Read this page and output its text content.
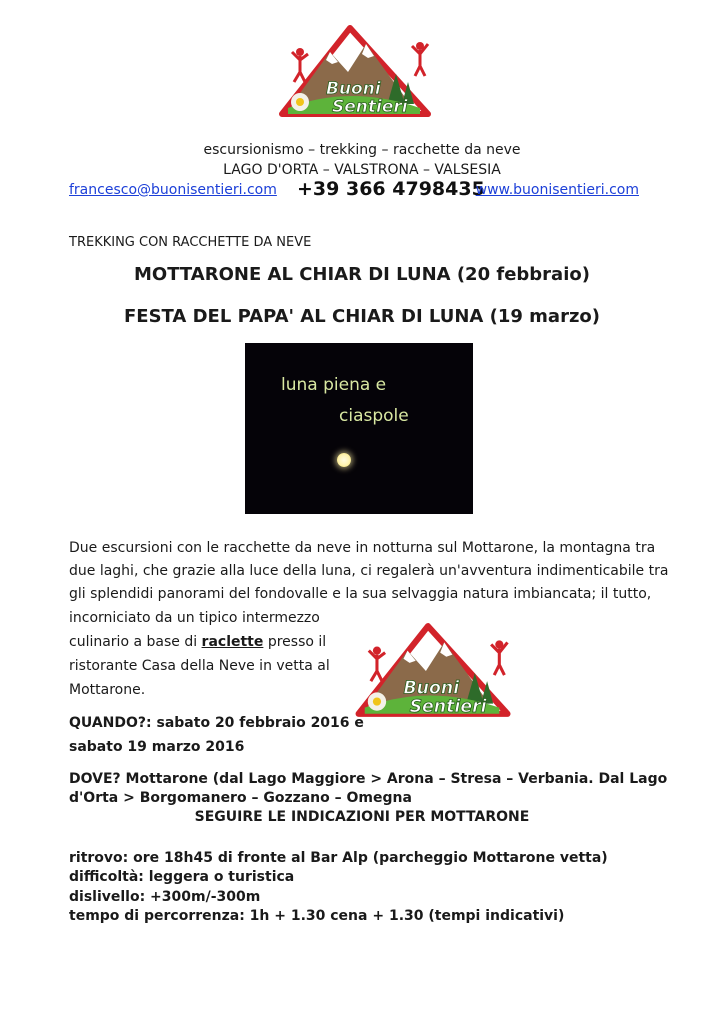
Buoni
Sentieri
escursionismo – trekking – racchette da neve
LAGO D'ORTA – VALSTRONA – VALSESIA
francesco@buonisentieri.com +39 366 4798435
www.buonisentieri.com
TREKKING CON RACCHETTE DA NEVE
MOTTARONE AL CHIAR DI LUNA (20 febbraio)
FESTA DEL PAPA' AL CHIAR DI LUNA (19 marzo)
luna piena e
ciaspole
Due escursioni con le racchette da neve in notturna sul Mottarone, la montagna tra
due laghi, che grazie alla luce della luna, ci regalerà un'avventura indimenticabile tra
gli splendidi panorami del fondovalle e la sua selvaggia natura imbiancata; il tutto,
incorniciato da un tipico intermezzo
culinario a base di raclette presso il
ristorante Casa della Neve in vetta al
Mottarone.	Buoni
Sentieri
QUANDO?: sabato 20 febbraio 2016 e
sabato 19 marzo 2016
DOVE? Mottarone (dal Lago Maggiore > Arona – Stresa – Verbania. Dal Lago
d'Orta > Borgomanero – Gozzano – Omegna
SEGUIRE LE INDICAZIONI PER MOTTARONE
ritrovo: ore 18h45 di fronte al Bar Alp (parcheggio Mottarone vetta)
difficoltà: leggera o turistica
dislivello: +300m/-300m
tempo di percorrenza: 1h + 1.30 cena + 1.30 (tempi indicativi)
